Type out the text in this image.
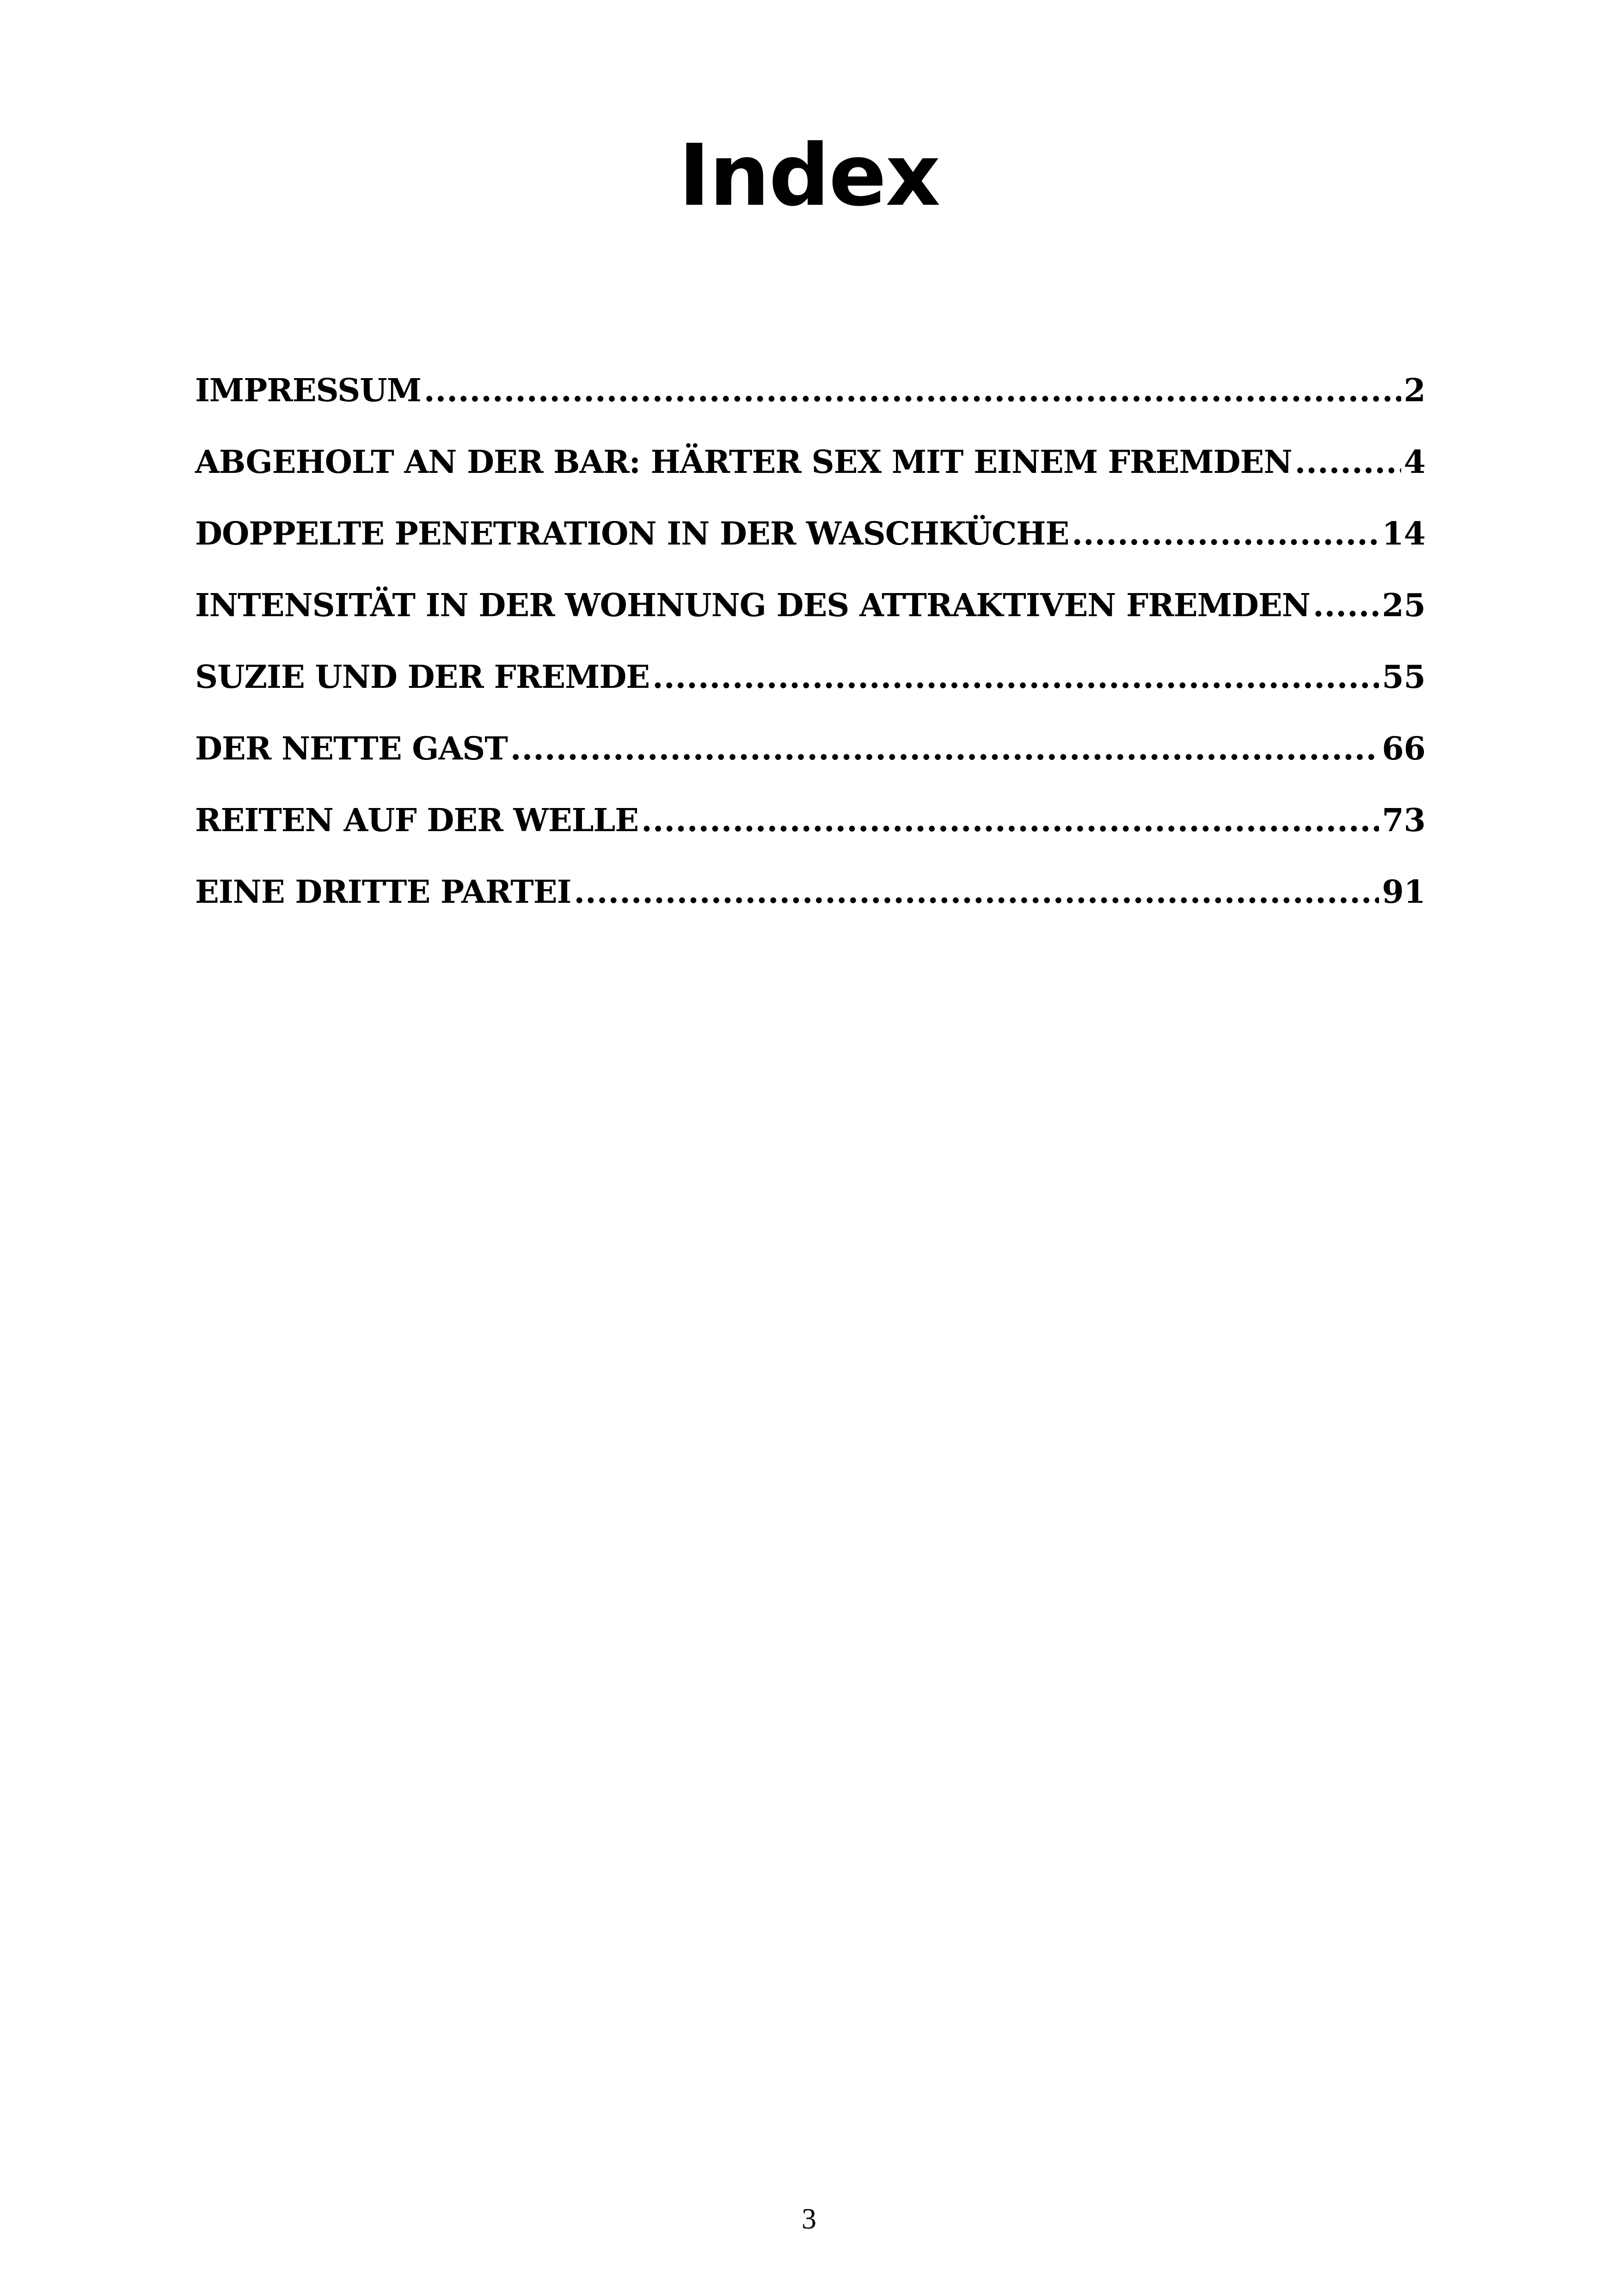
Index
IMPRESSUM .....	2
ABGEHOLT AN DER BAR: HÄRTER SEX MIT EINEM FREMDEN .....	4
DOPPELTE PENETRATION IN DER WASCHKÜCHE .....	14
INTENSITÄT IN DER WOHNUNG DES ATTRAKTIVEN FREMDEN ..... 25
SUZIE UND DER FREMDE .....	55
DER NETTE GAST .....	66
REITEN AUF DER WELLE .....	73
EINE DRITTE PARTEI .....	91
3
